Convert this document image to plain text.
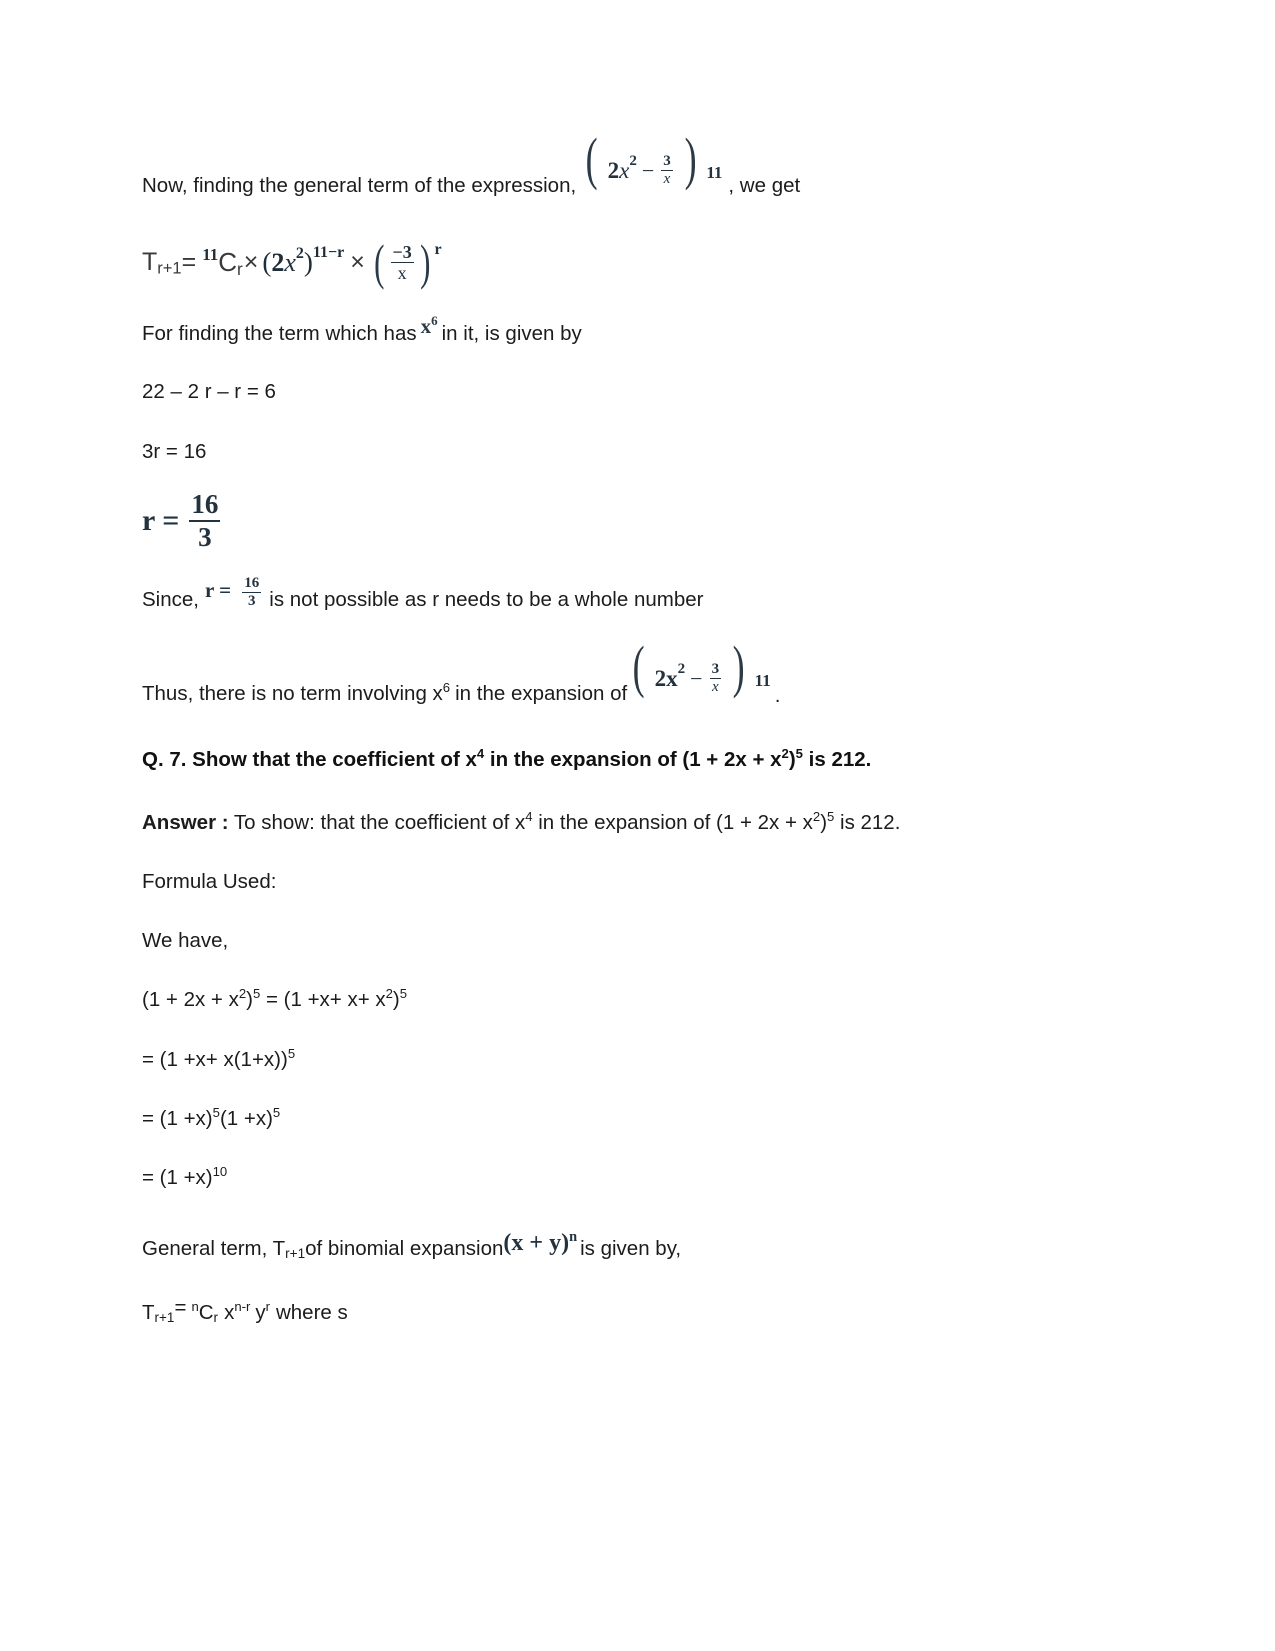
Now, finding the general term of the expression, ( 2 x $2 - \frac{3}{x}$ ) 11
, we get
$T_{r+1} = 11$ $C_r$ × ( 2 x 2 ) 11−r × ( $\frac{-3}{x}$ ) r
For finding the term which has $x^6$
in it, is given by
22 – 2 r – r = 6
3r = 16
$r = \frac{16}{3}$
Since, $r = \frac{16}{3}$ is not possible as r needs to be a whole number
Thus, there is no term involving $x^6$ in the expansion of ( 2 x $2 - \frac{3}{x}$ ) 11
.
Q. 7. Show that the coefficient of $x^4$ in the expansion of $(1 + 2x + x^2)^5$ is 212.
Answer : To show: that the coefficient of $x^4$ in the expansion of $(1 + 2x + x^2)^5$ is 212.
Formula Used:
We have,
$(1 + 2x + x^2)^5 = (1 +x+ x+ x^2)^5$
= $(1 +x+ x(1+x))^5$
= $(1 +x)^5(1 +x)^5$
= $(1 +x)^{10}$
General term, $T_{r+1}$ of binomial expansion $(x + y)^n$ is given by,
$T_{r+1} = ^nC_r$ $x^{n-r}$ $y^r$ where s
